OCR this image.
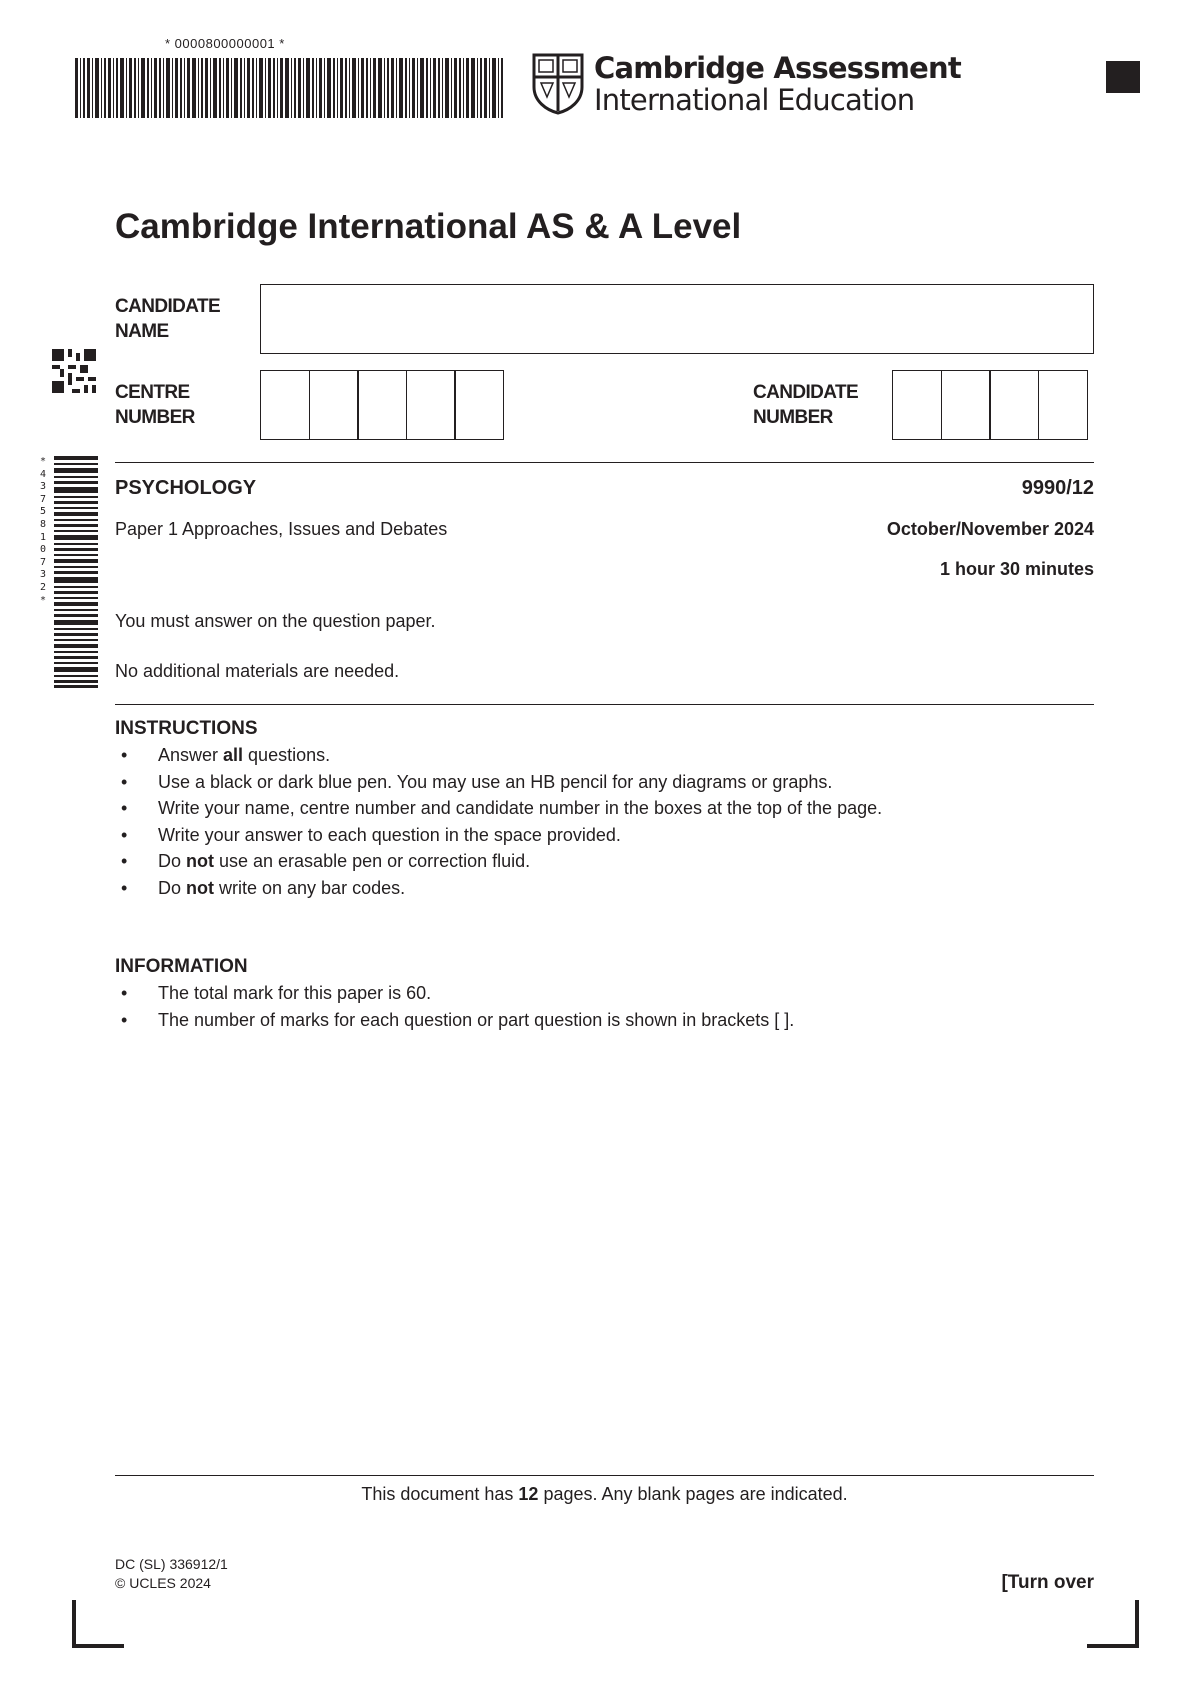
* 0000800000001 *
Cambridge Assessment
International Education
Cambridge International AS & A Level
CANDIDATE
NAME
CENTRE
NUMBER
CANDIDATE
NUMBER
* 4 3 7 5 8 1 0 7 3 2 *
PSYCHOLOGY	9990/12
Paper 1 Approaches, Issues and Debates	October/November 2024
1 hour 30 minutes
You must answer on the question paper.
No additional materials are needed.
INSTRUCTIONS
• Answer all questions.
• Use a black or dark blue pen. You may use an HB pencil for any diagrams or graphs.
• Write your name, centre number and candidate number in the boxes at the top of the page.
• Write your answer to each question in the space provided.
• Do not use an erasable pen or correction fluid.
• Do not write on any bar codes.
INFORMATION
• The total mark for this paper is 60.
• The number of marks for each question or part question is shown in brackets [ ].
This document has 12 pages. Any blank pages are indicated.
DC (SL) 336912/1
© UCLES 2024	[Turn over
